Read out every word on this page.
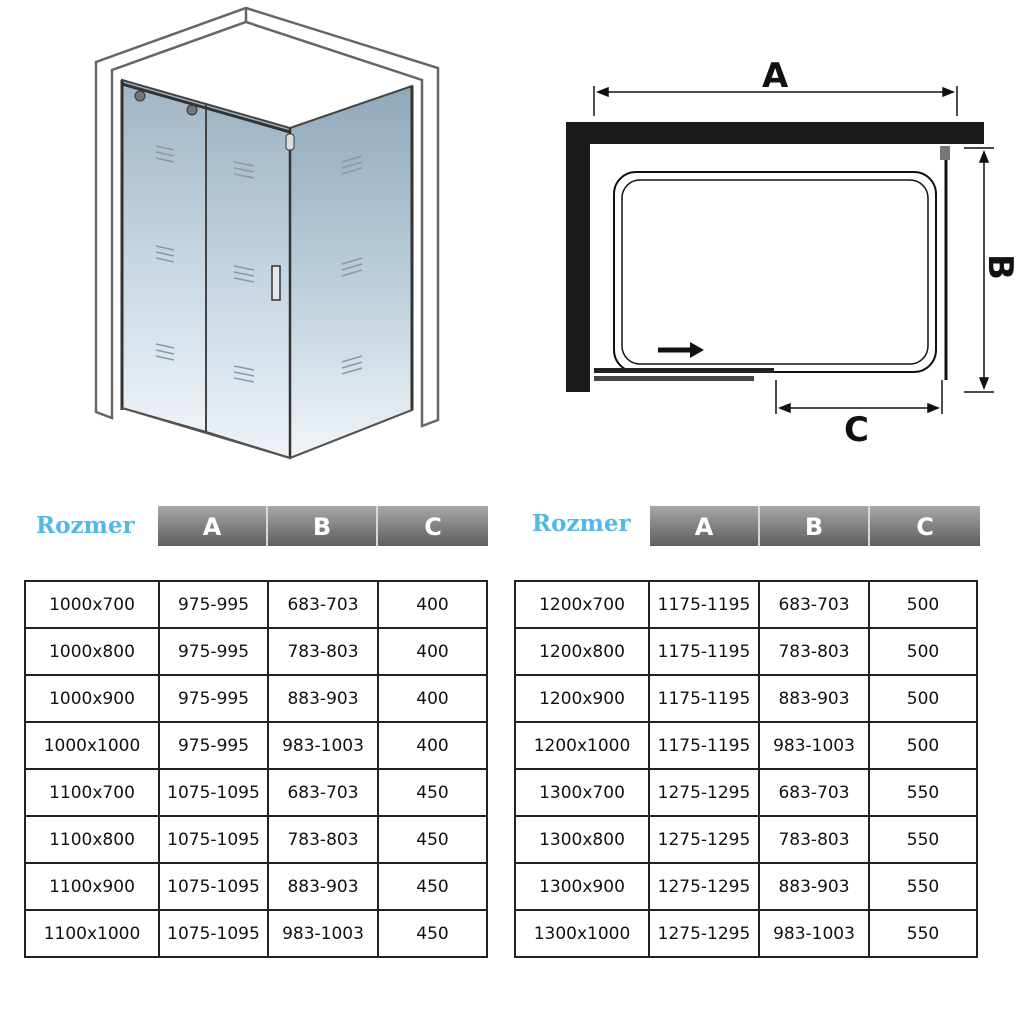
A
B
C
Rozmer	A	B	C
1000x700	975-995	683-703	400
1000x800	975-995	783-803	400
1000x900	975-995	883-903	400
1000x1000	975-995	983-1003	400
1100x700	1075-1095	683-703	450
1100x800	1075-1095	783-803	450
1100x900	1075-1095	883-903	450
1100x1000	1075-1095	983-1003	450
Rozmer	A	B	C
1200x700	1175-1195	683-703	500
1200x800	1175-1195	783-803	500
1200x900	1175-1195	883-903	500
1200x1000	1175-1195	983-1003	500
1300x700	1275-1295	683-703	550
1300x800	1275-1295	783-803	550
1300x900	1275-1295	883-903	550
1300x1000	1275-1295	983-1003	550
